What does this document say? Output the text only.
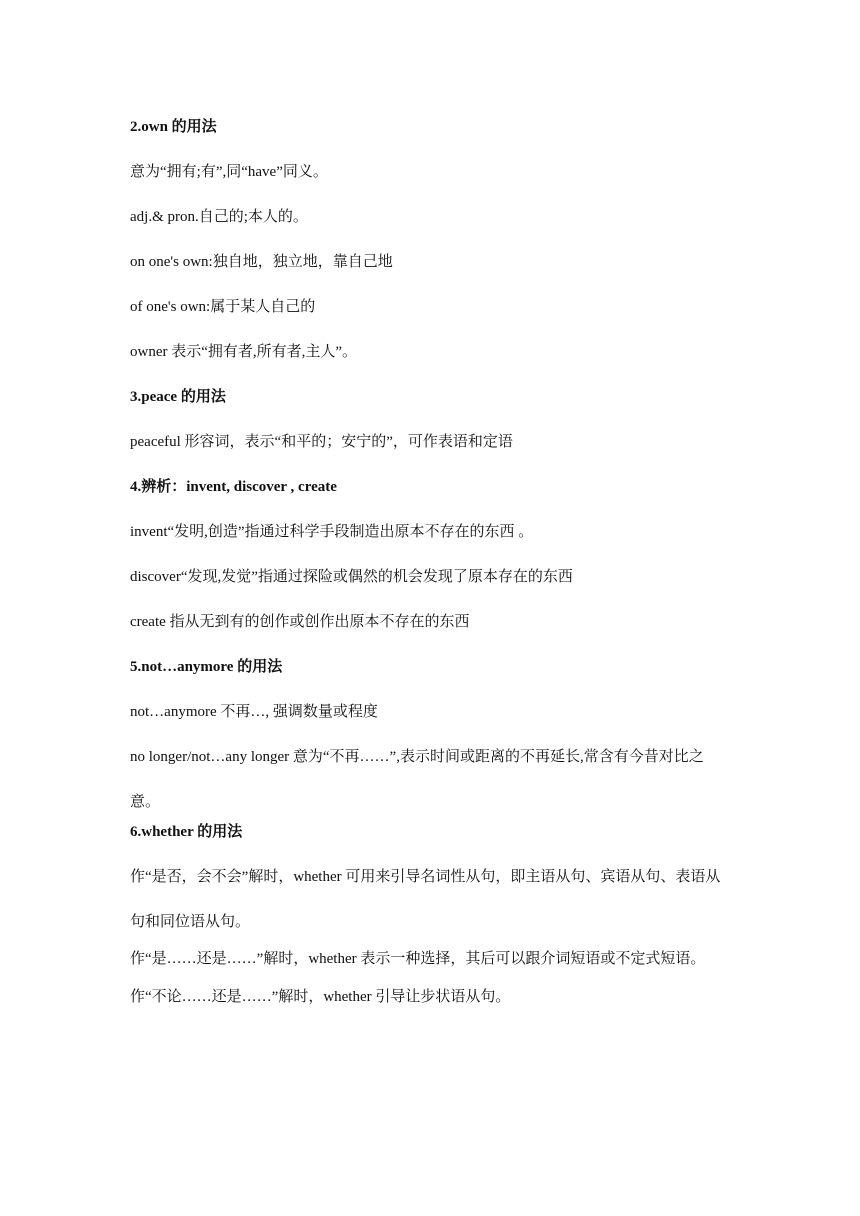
2.own 的用法
意为“拥有;有”,同“have”同义。
adj.& pron.自己的;本人的。
on one's own:独自地，独立地，靠自己地
of one's own:属于某人自己的
owner 表示“拥有者,所有者,主人”。
3.peace 的用法
peaceful 形容词，表示“和平的；安宁的”，可作表语和定语
4.辨析：invent, discover , create
invent“发明,创造”指通过科学手段制造出原本不存在的东西 。
discover“发现,发觉”指通过探险或偶然的机会发现了原本存在的东西
create 指从无到有的创作或创作出原本不存在的东西
5.not…anymore 的用法
not…anymore 不再…, 强调数量或程度
no longer/not…any longer 意为“不再……”,表示时间或距离的不再延长,常含有今昔对比之意。
6.whether 的用法
作“是否，会不会”解时，whether 可用来引导名词性从句，即主语从句、宾语从句、表语从句和同位语从句。
作“是……还是……”解时，whether 表示一种选择，其后可以跟介词短语或不定式短语。
作“不论……还是……”解时，whether 引导让步状语从句。
